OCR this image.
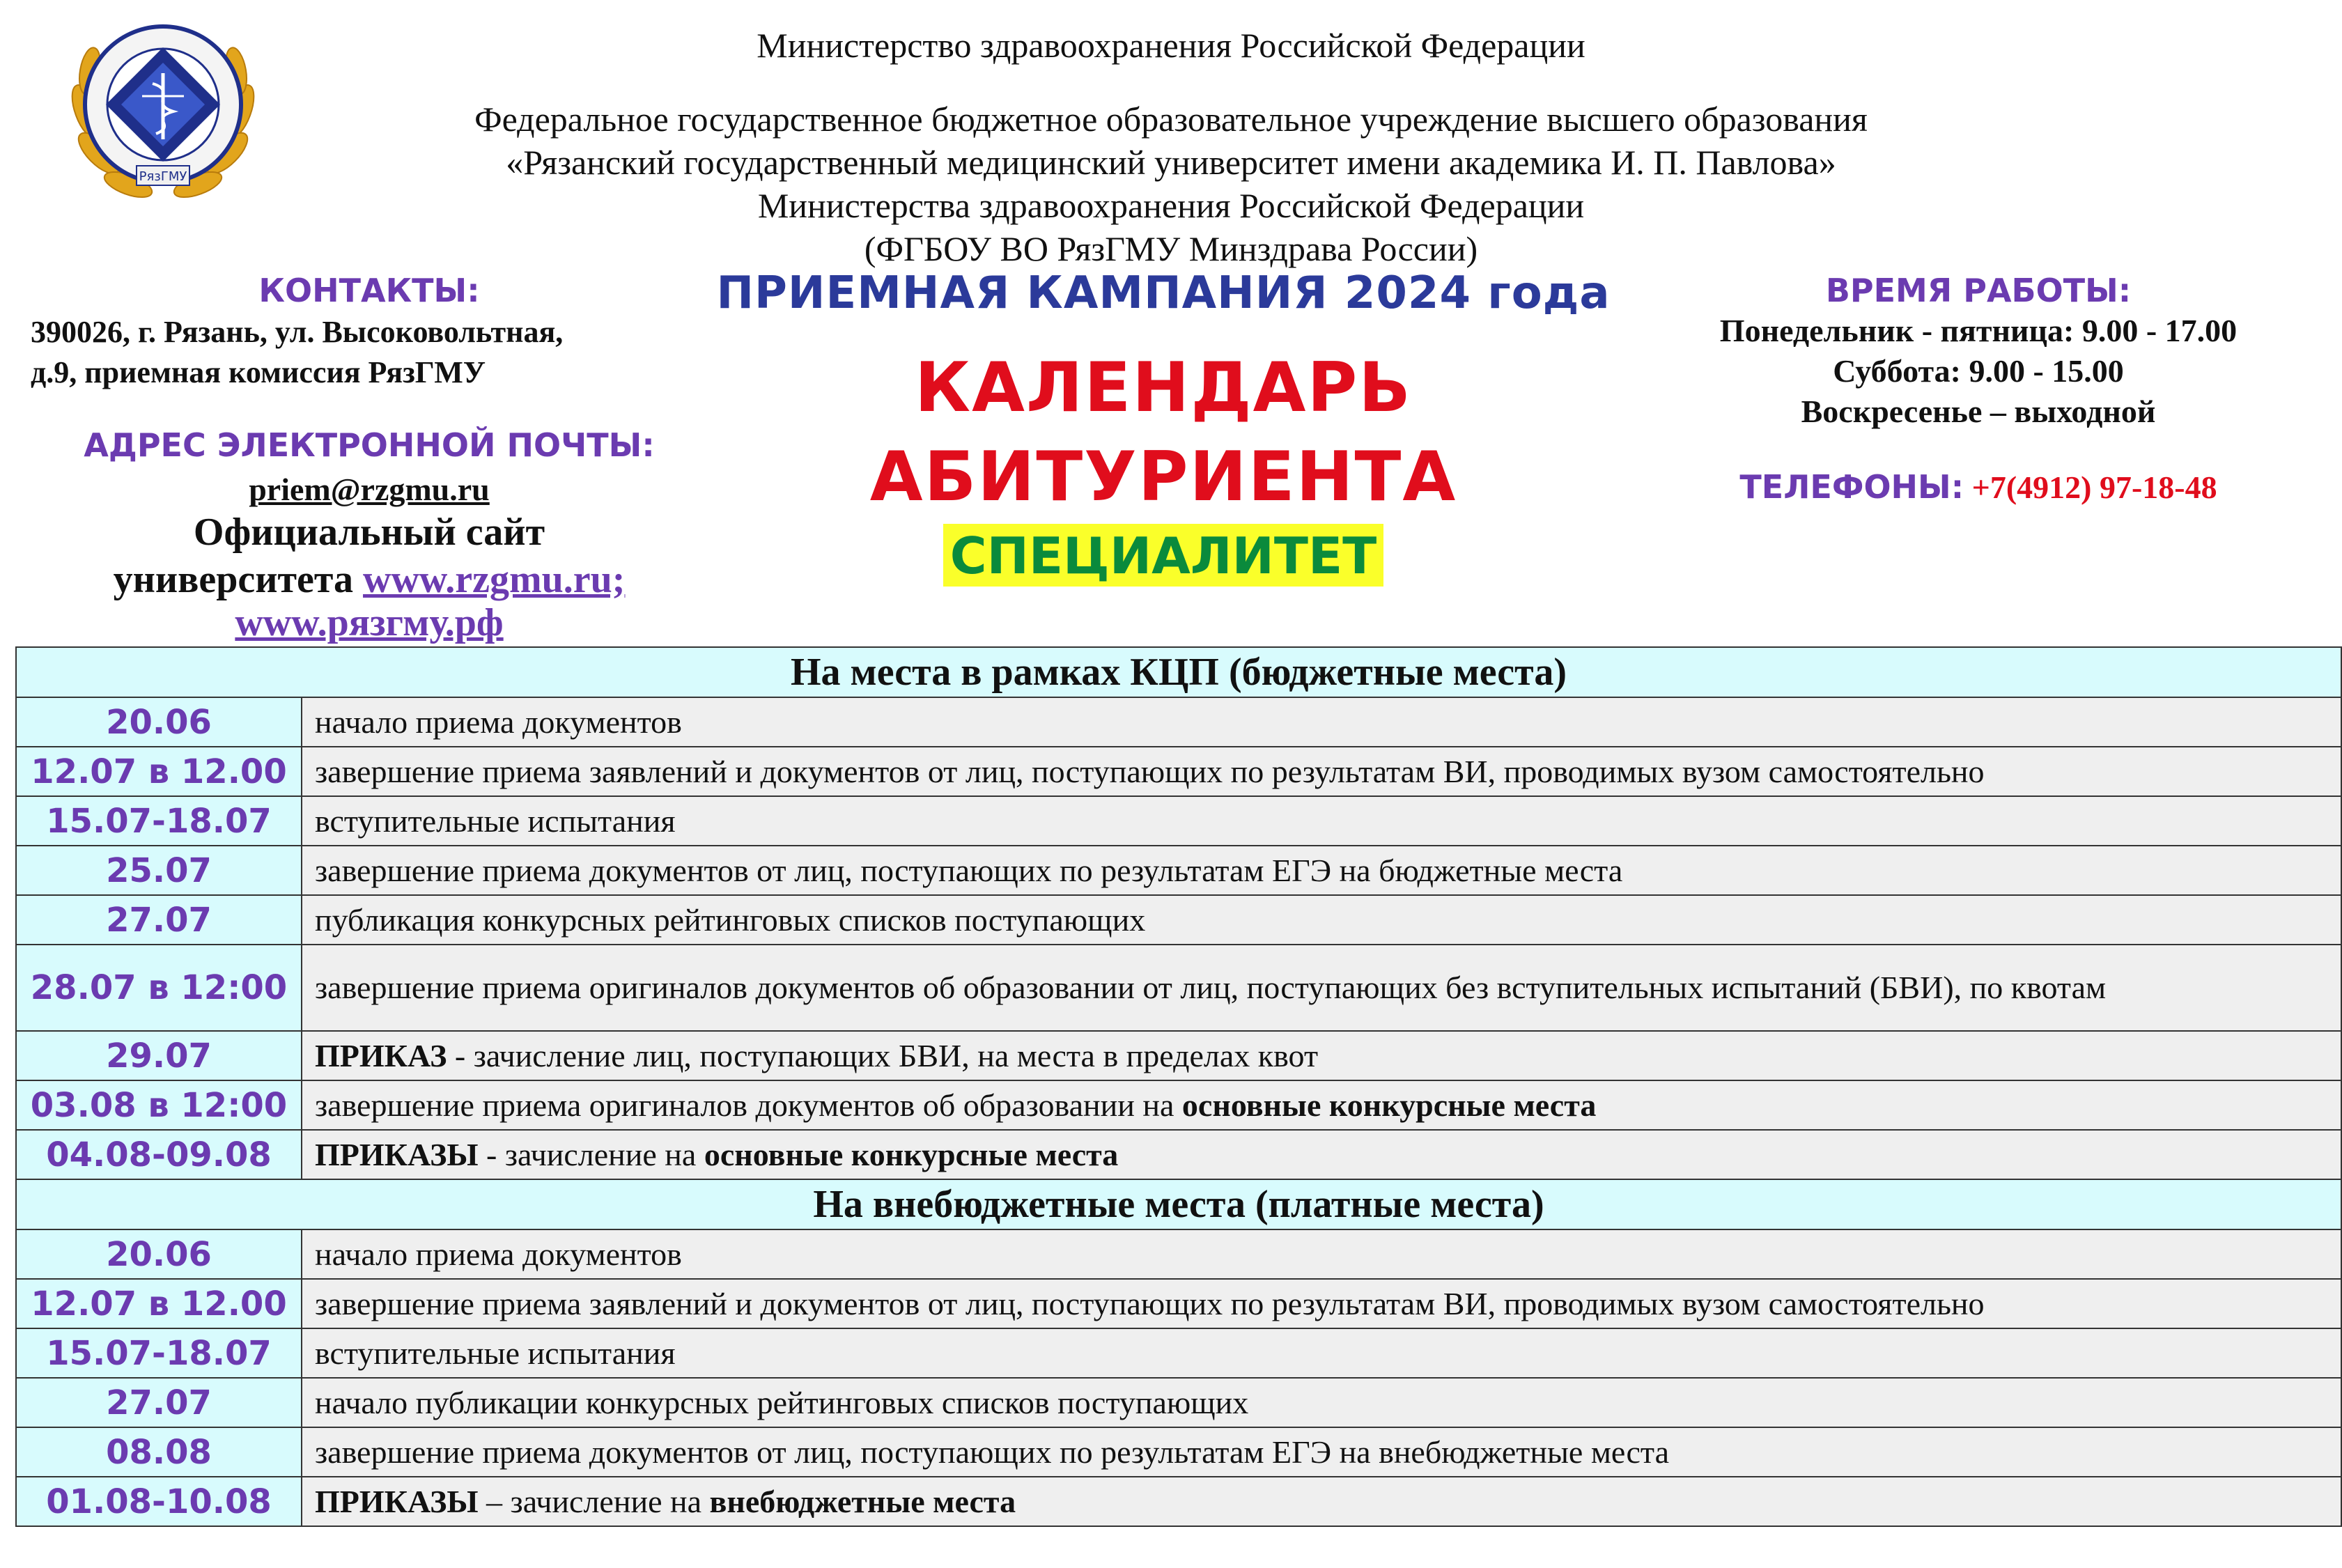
РязГМУ
Министерство здравоохранения Российской Федерации
Федеральное государственное бюджетное образовательное учреждение высшего образования
«Рязанский государственный медицинский университет имени академика И. П. Павлова»
Министерства здравоохранения Российской Федерации
(ФГБОУ ВО РязГМУ Минздрава России)
ПРИЕМНАЯ КАМПАНИЯ 2024 года
КАЛЕНДАРЬ
АБИТУРИЕНТА
СПЕЦИАЛИТЕТ
КОНТАКТЫ:
390026, г. Рязань, ул. Высоковольтная,
д.9, приемная комиссия РязГМУ
АДРЕС ЭЛЕКТРОННОЙ ПОЧТЫ:
priem@rzgmu.ru
Официальный сайт
университета www.rzgmu.ru;
www.рязгму.рф
ВРЕМЯ РАБОТЫ:
Понедельник - пятница: 9.00 - 17.00
Суббота: 9.00 - 15.00
Воскресенье – выходной
ТЕЛЕФОНЫ: +7(4912) 97-18-48
На места в рамках КЦП (бюджетные места)	
20.06	начало приема документов
12.07 в 12.00	завершение приема заявлений и документов от лиц, поступающих по результатам ВИ, проводимых вузом самостоятельно
15.07-18.07	вступительные испытания
25.07	завершение приема документов от лиц, поступающих по результатам ЕГЭ на бюджетные места
27.07	публикация конкурсных рейтинговых списков поступающих
28.07 в 12:00	завершение приема оригиналов документов об образовании от лиц, поступающих без вступительных испытаний (БВИ), по квотам
29.07	ПРИКАЗ - зачисление лиц, поступающих БВИ, на места в пределах квот
03.08 в 12:00	завершение приема оригиналов документов об образовании на основные конкурсные места
04.08-09.08	ПРИКАЗЫ - зачисление на основные конкурсные места
На внебюджетные места (платные места)	
20.06	начало приема документов
12.07 в 12.00	завершение приема заявлений и документов от лиц, поступающих по результатам ВИ, проводимых вузом самостоятельно
15.07-18.07	вступительные испытания
27.07	начало публикации конкурсных рейтинговых списков поступающих
08.08	завершение приема документов от лиц, поступающих по результатам ЕГЭ на внебюджетные места
01.08-10.08	ПРИКАЗЫ – зачисление на внебюджетные места
